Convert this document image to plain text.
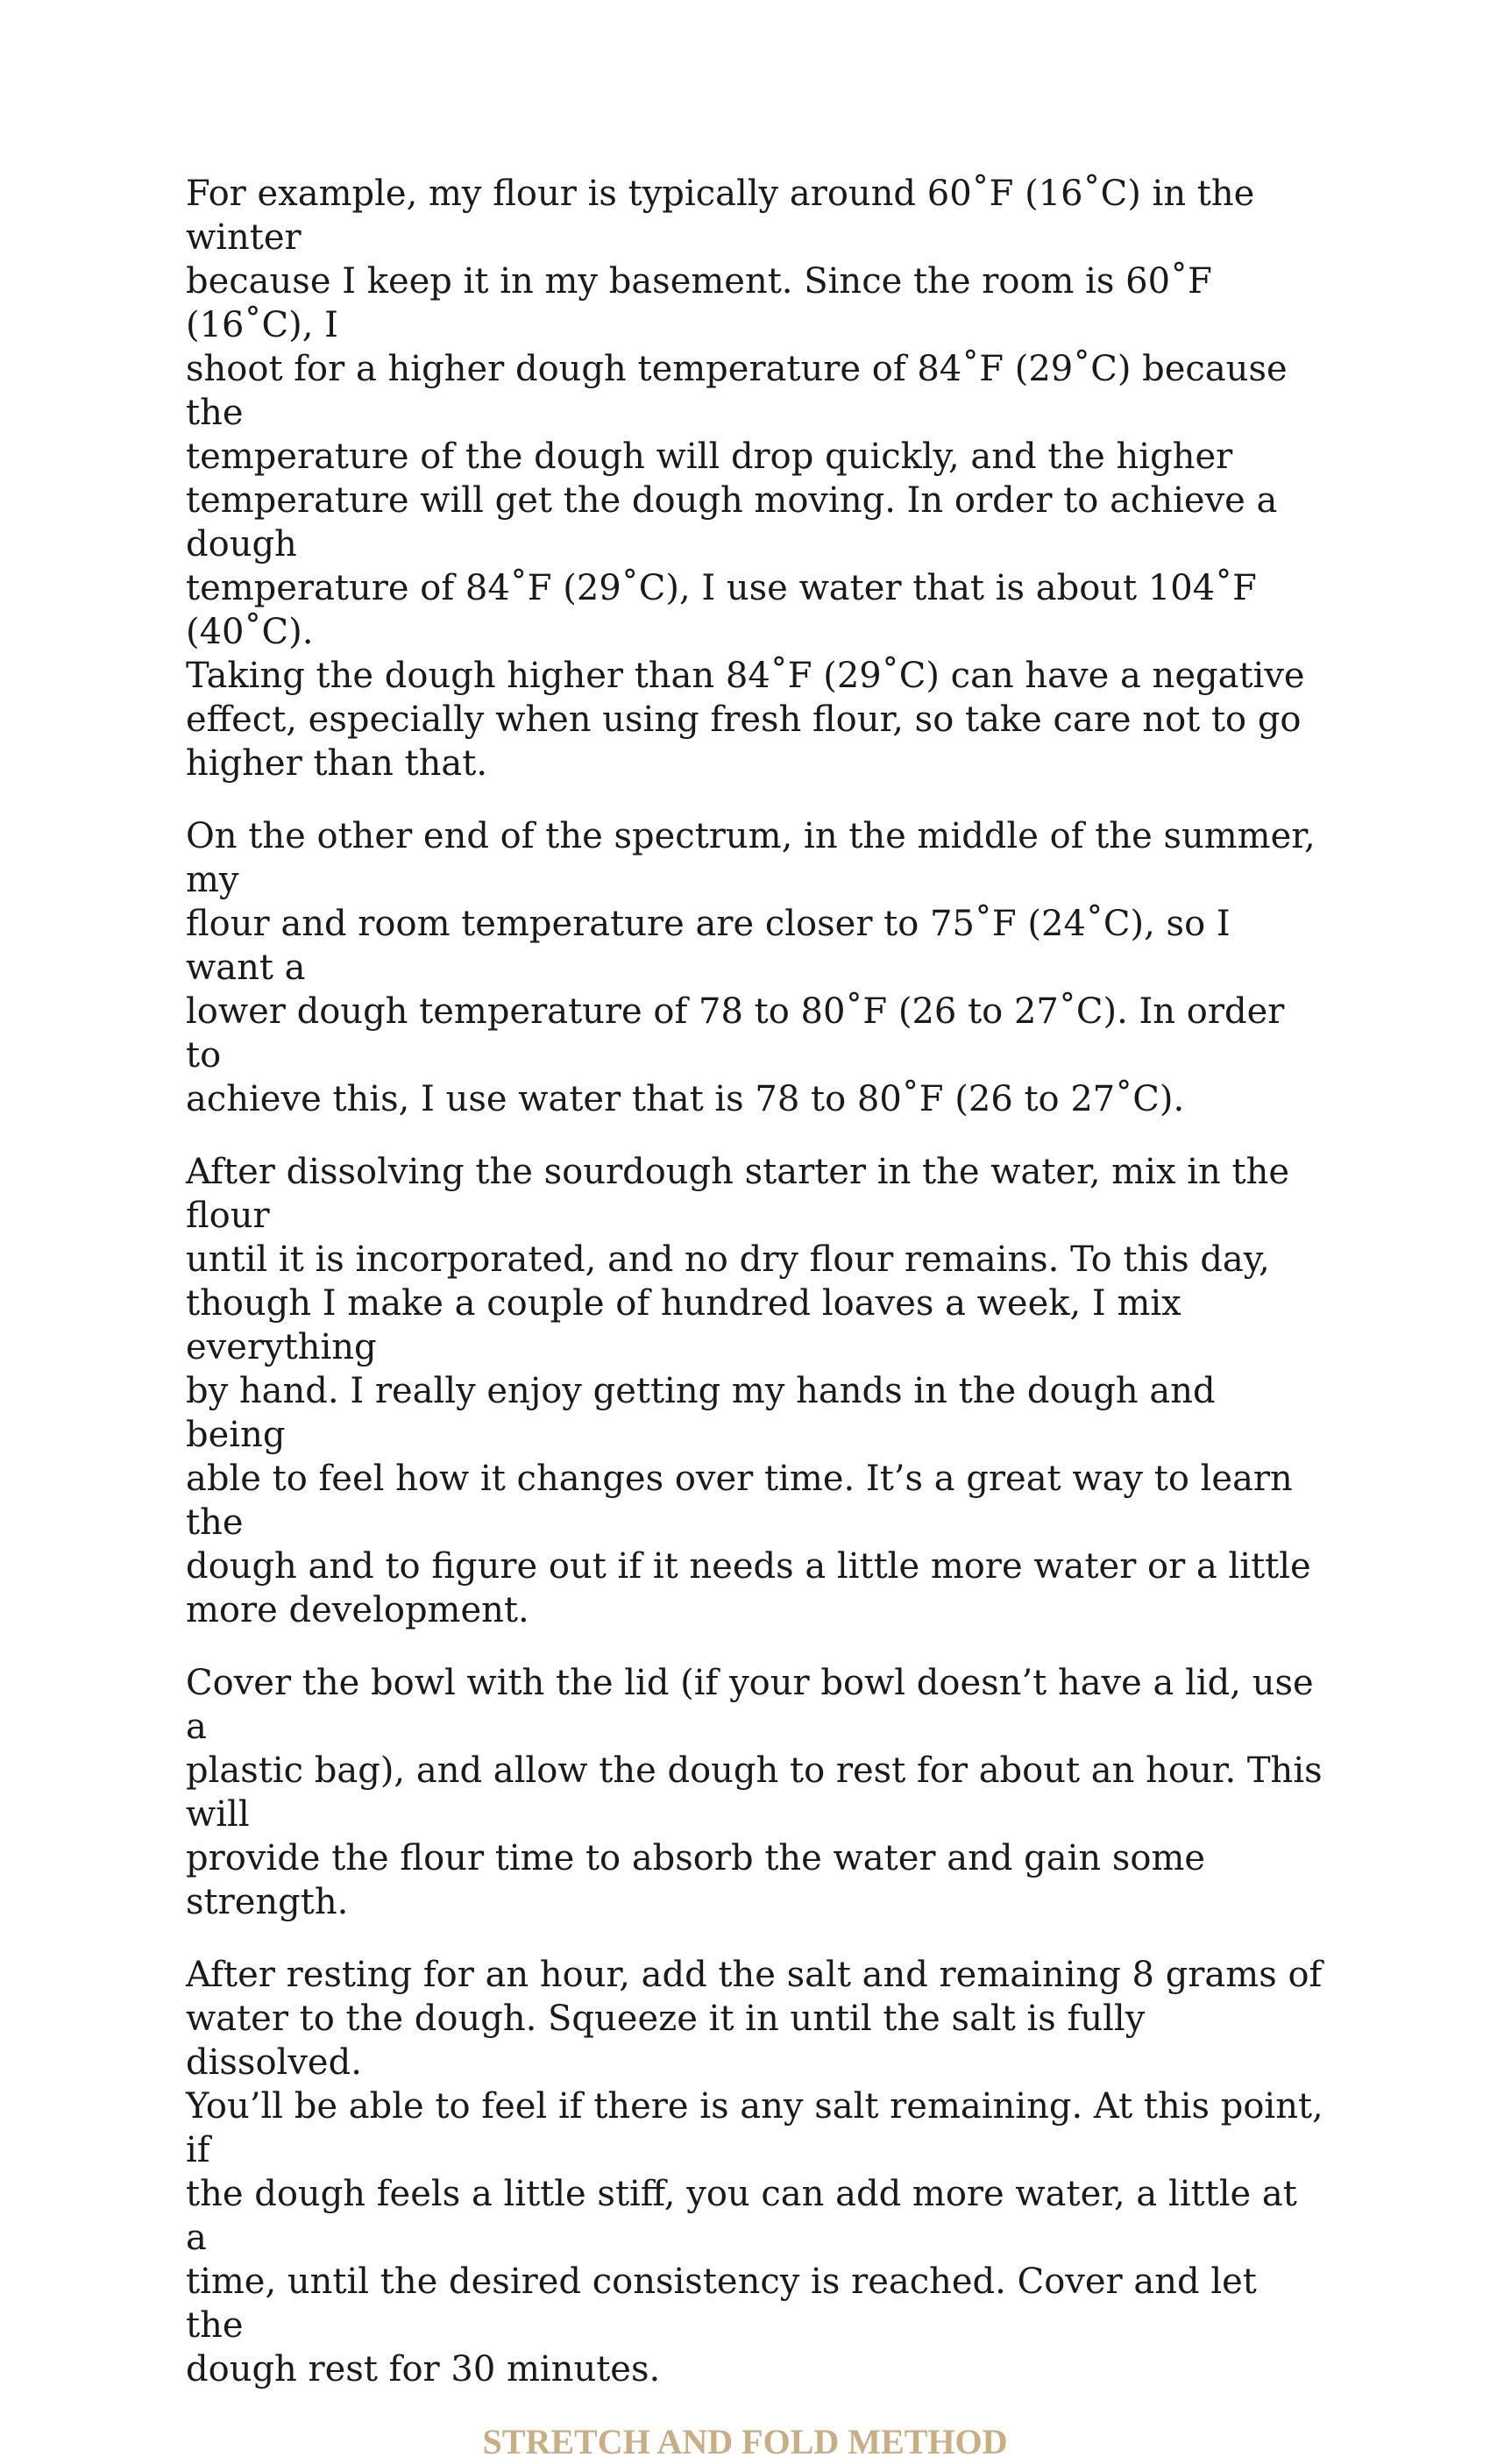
For example, my flour is typically around 60˚F (16˚C) in the winter
because I keep it in my basement. Since the room is 60˚F (16˚C), I
shoot for a higher dough temperature of 84˚F (29˚C) because the
temperature of the dough will drop quickly, and the higher
temperature will get the dough moving. In order to achieve a dough
temperature of 84˚F (29˚C), I use water that is about 104˚F (40˚C).
Taking the dough higher than 84˚F (29˚C) can have a negative
effect, especially when using fresh flour, so take care not to go
higher than that.

On the other end of the spectrum, in the middle of the summer, my
flour and room temperature are closer to 75˚F (24˚C), so I want a
lower dough temperature of 78 to 80˚F (26 to 27˚C). In order to
achieve this, I use water that is 78 to 80˚F (26 to 27˚C).

After dissolving the sourdough starter in the water, mix in the flour
until it is incorporated, and no dry flour remains. To this day,
though I make a couple of hundred loaves a week, I mix everything
by hand. I really enjoy getting my hands in the dough and being
able to feel how it changes over time. It’s a great way to learn the
dough and to figure out if it needs a little more water or a little
more development.

Cover the bowl with the lid (if your bowl doesn’t have a lid, use a
plastic bag), and allow the dough to rest for about an hour. This will
provide the flour time to absorb the water and gain some strength.

After resting for an hour, add the salt and remaining 8 grams of
water to the dough. Squeeze it in until the salt is fully dissolved.
You’ll be able to feel if there is any salt remaining. At this point, if
the dough feels a little stiff, you can add more water, a little at a
time, until the desired consistency is reached. Cover and let the
dough rest for 30 minutes.

STRETCH AND FOLD METHOD
